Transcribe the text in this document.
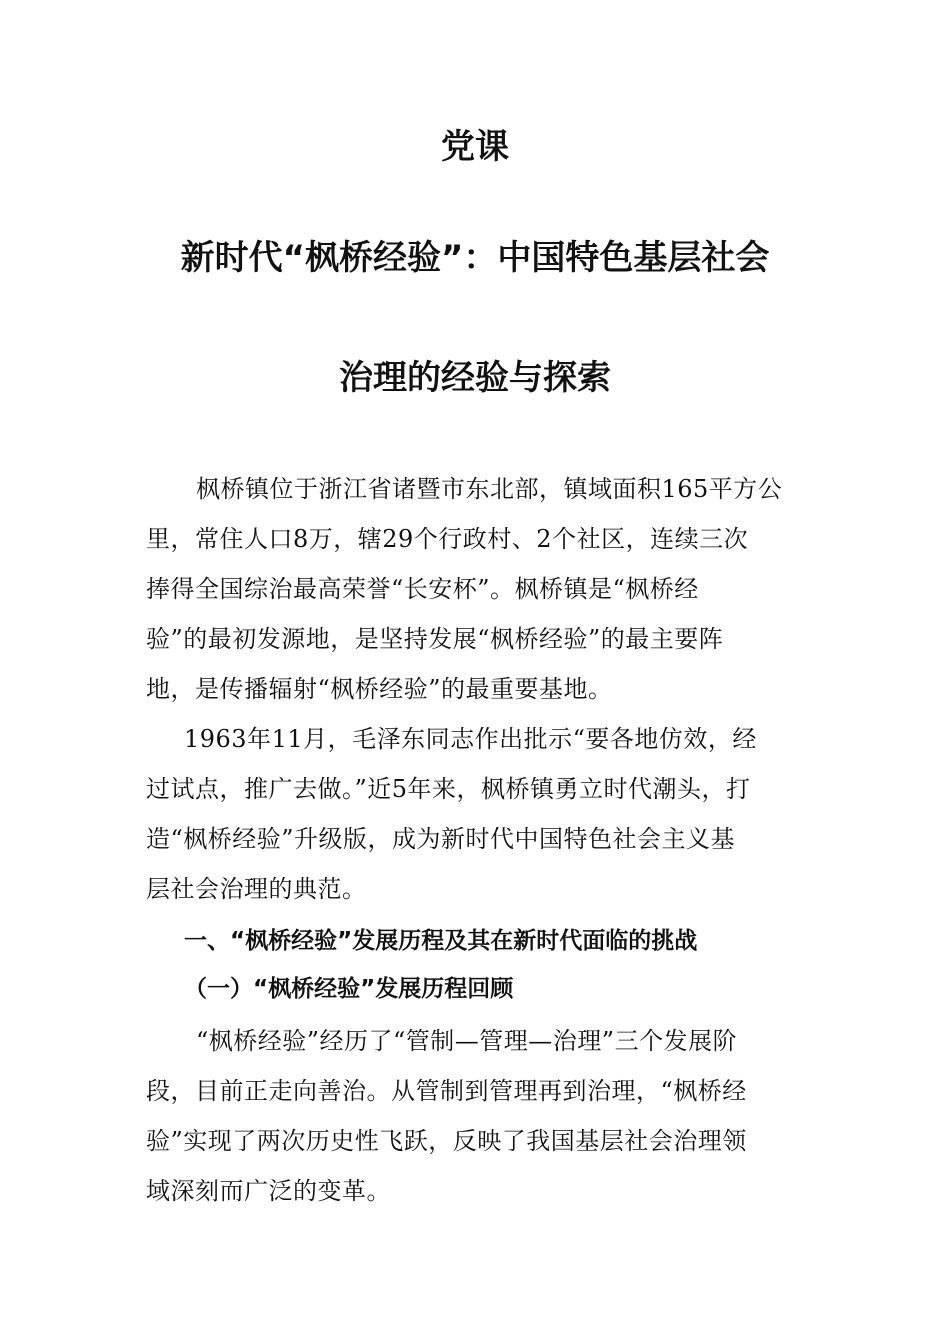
党课
新时代“枫桥经验”：中国特色基层社会
治理的经验与探索
枫桥镇位于浙江省诸暨市东北部，镇域面积165平方公
里，常住人口8万，辖29个行政村、2个社区，连续三次
捧得全国综治最高荣誉“长安杯”。枫桥镇是“枫桥经
验”的最初发源地，是坚持发展“枫桥经验”的最主要阵
地，是传播辐射“枫桥经验”的最重要基地。
1963年11月，毛泽东同志作出批示“要各地仿效，经
过试点，推广去做。”近5年来，枫桥镇勇立时代潮头，打
造“枫桥经验”升级版，成为新时代中国特色社会主义基
层社会治理的典范。
一、“枫桥经验”发展历程及其在新时代面临的挑战
（一）“枫桥经验”发展历程回顾
“枫桥经验”经历了“管制—管理—治理”三个发展阶
段，目前正走向善治。从管制到管理再到治理，“枫桥经
验”实现了两次历史性飞跃，反映了我国基层社会治理领
域深刻而广泛的变革。
